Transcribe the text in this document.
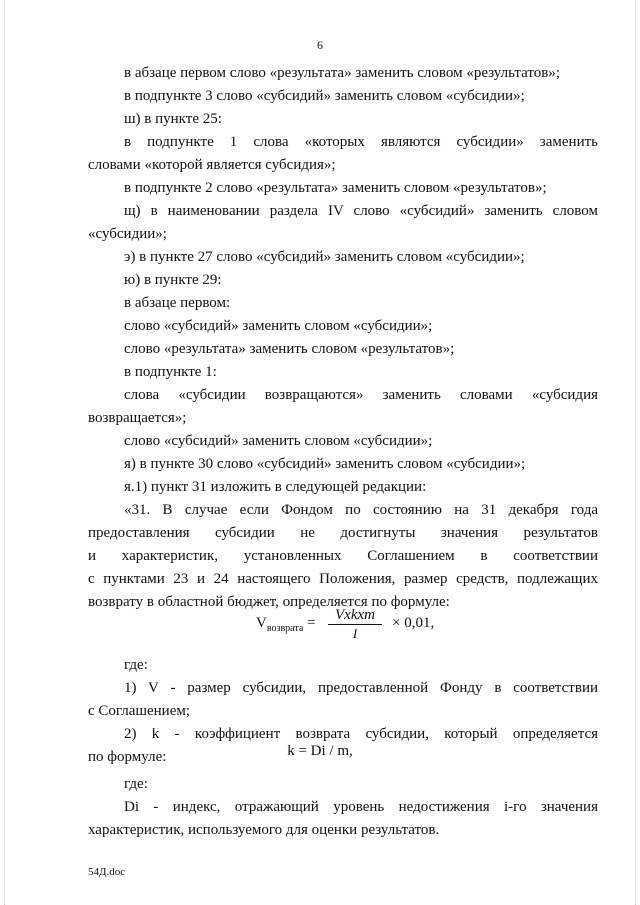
6
в абзаце первом слово «результата» заменить словом «результатов»;
в подпункте 3 слово «субсидий» заменить словом «субсидии»;
ш) в пункте 25:
в подпункте 1 слова «которых являются субсидии» заменить
словами «которой является субсидия»;
в подпункте 2 слово «результата» заменить словом «результатов»;
щ) в наименовании раздела IV слово «субсидий» заменить словом
«субсидии»;
э) в пункте 27 слово «субсидий» заменить словом «субсидии»;
ю) в пункте 29:
в абзаце первом:
слово «субсидий» заменить словом «субсидии»;
слово «результата» заменить словом «результатов»;
в подпункте 1:
слова «субсидии возвращаются» заменить словами «субсидия
возвращается»;
слово «субсидий» заменить словом «субсидии»;
я) в пункте 30 слово «субсидий» заменить словом «субсидии»;
я.1) пункт 31 изложить в следующей редакции:
«31. В случае если Фондом по состоянию на 31 декабря года
предоставления субсидии не достигнуты значения результатов
и характеристик, установленных Соглашением в соответствии
с пунктами 23 и 24 настоящего Положения, размер средств, подлежащих
возврату в областной бюджет, определяется по формуле:
$V_{возврата}$ =	Vxkxm
I
× 0,01,
где:
1) V - размер субсидии, предоставленной Фонду в соответствии
с Соглашением;
2) k - коэффициент возврата субсидии, который определяется
по формуле:	k = Di / m,
где:
Di - индекс, отражающий уровень недостижения i-го значения
характеристик, используемого для оценки результатов.
54Д.doc
